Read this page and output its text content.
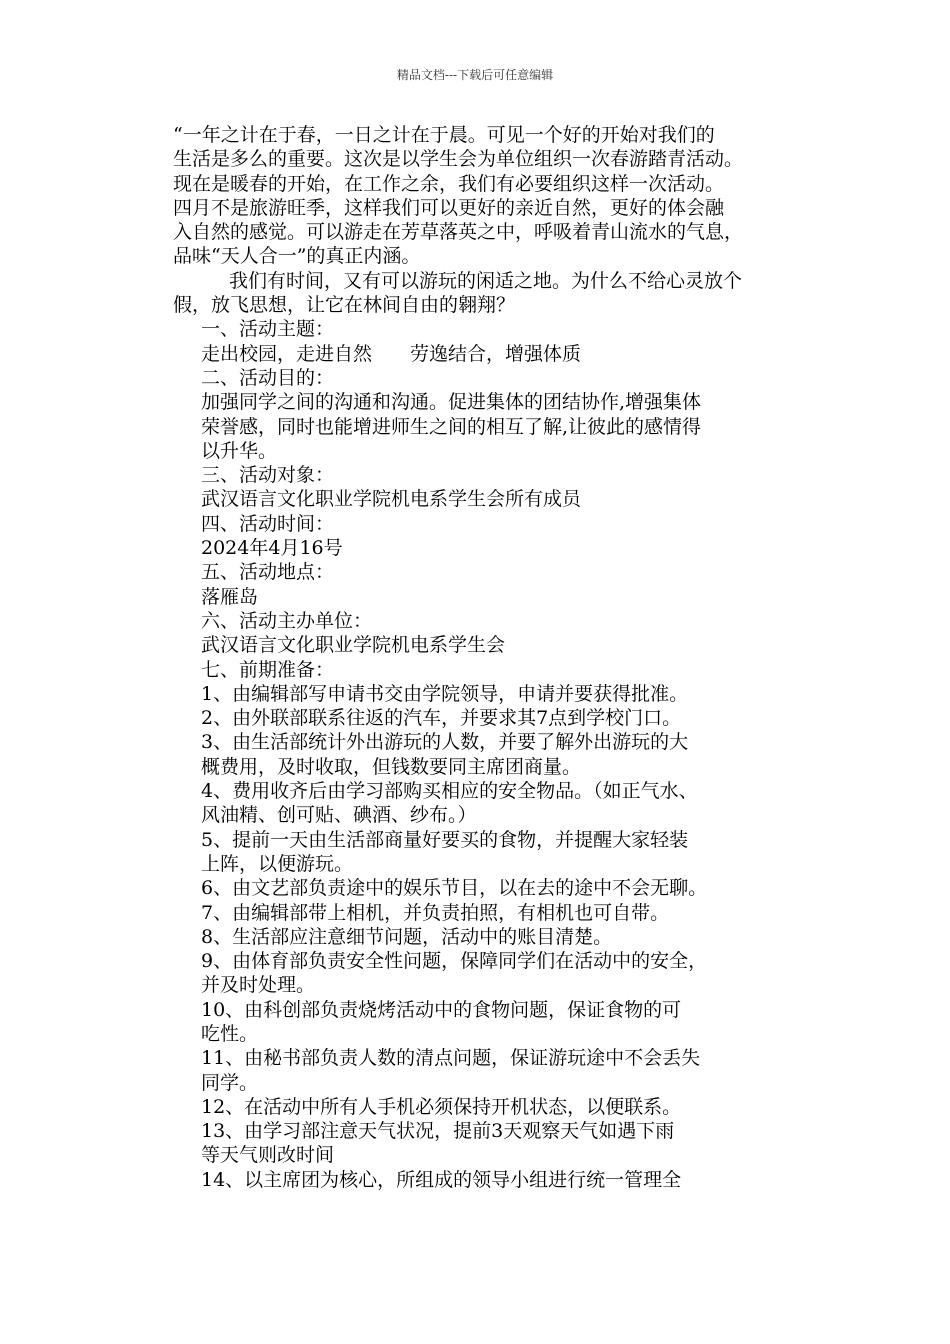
精品文档---下载后可任意编辑
“一年之计在于春，一日之计在于晨。可见一个好的开始对我们的
生活是多么的重要。这次是以学生会为单位组织一次春游踏青活动。
现在是暖春的开始，在工作之余，我们有必要组织这样一次活动。
四月不是旅游旺季，这样我们可以更好的亲近自然，更好的体会融
入自然的感觉。可以游走在芳草落英之中，呼吸着青山流水的气息，
品味“天人合一”的真正内涵。
我们有时间，又有可以游玩的闲适之地。为什么不给心灵放个
假，放飞思想，让它在林间自由的翱翔？
一、活动主题：
走出校园，走进自然　　劳逸结合，增强体质
二、活动目的：
加强同学之间的沟通和沟通。促进集体的团结协作,增强集体
荣誉感，同时也能增进师生之间的相互了解,让彼此的感情得
以升华。
三、活动对象：
武汉语言文化职业学院机电系学生会所有成员
四、活动时间：
2024年4月16号
五、活动地点：
落雁岛
六、活动主办单位：
武汉语言文化职业学院机电系学生会
七、前期准备：
1、由编辑部写申请书交由学院领导，申请并要获得批准。
2、由外联部联系往返的汽车，并要求其7点到学校门口。
3、由生活部统计外出游玩的人数，并要了解外出游玩的大
概费用，及时收取，但钱数要同主席团商量。
4、费用收齐后由学习部购买相应的安全物品。（如正气水、
风油精、创可贴、碘酒、纱布。）
5、提前一天由生活部商量好要买的食物，并提醒大家轻装
上阵，以便游玩。
6、由文艺部负责途中的娱乐节目，以在去的途中不会无聊。
7、由编辑部带上相机，并负责拍照，有相机也可自带。
8、生活部应注意细节问题，活动中的账目清楚。
9、由体育部负责安全性问题，保障同学们在活动中的安全，
并及时处理。
10、由科创部负责烧烤活动中的食物问题，保证食物的可
吃性。
11、由秘书部负责人数的清点问题，保证游玩途中不会丢失
同学。
12、在活动中所有人手机必须保持开机状态，以便联系。
13、由学习部注意天气状况，提前3天观察天气如遇下雨
等天气则改时间
14、以主席团为核心，所组成的领导小组进行统一管理全
